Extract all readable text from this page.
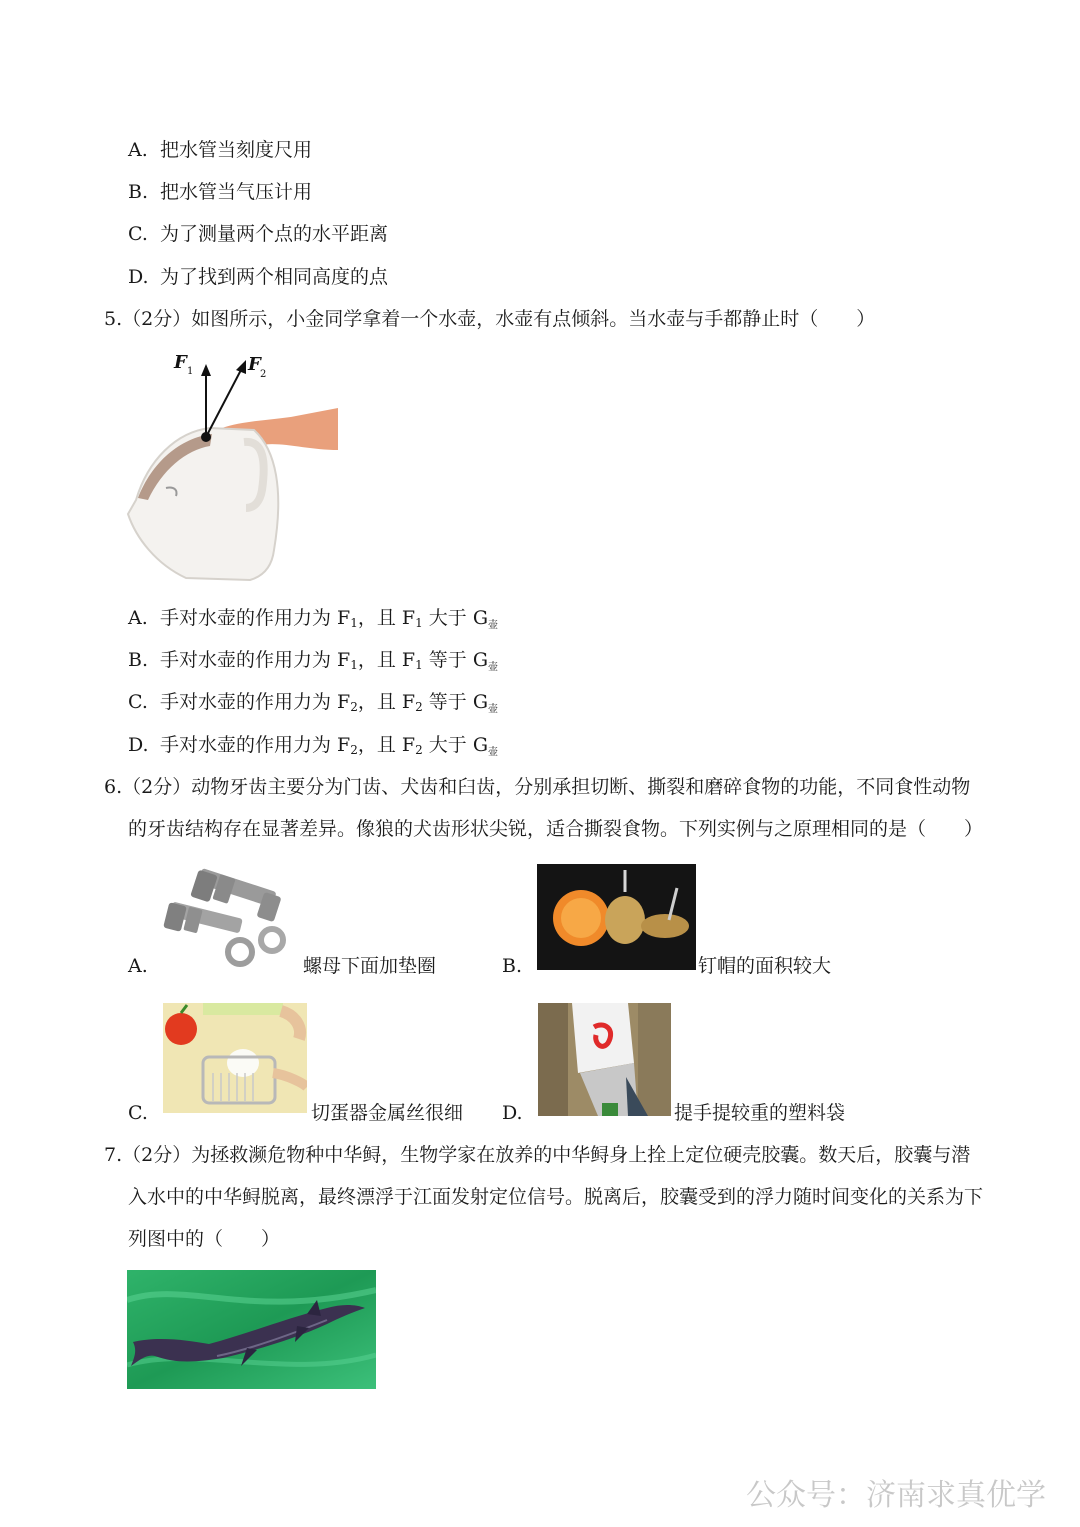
A. 把水管当刻度尺用
B. 把水管当气压计用
C. 为了测量两个点的水平距离
D. 为了找到两个相同高度的点
5.（2分）如图所示，小金同学拿着一个水壶，水壶有点倾斜。当水壶与手都静止时（　　）
F 1	F 2
A. 手对水壶的作用力为 $F_1$，且 $F_1$ 大于 $G_壶$
B. 手对水壶的作用力为 $F_1$，且 $F_1$ 等于 $G_壶$
C. 手对水壶的作用力为 $F_2$，且 $F_2$ 等于 $G_壶$
D. 手对水壶的作用力为 $F_2$，且 $F_2$ 大于 $G_壶$
6.（2分）动物牙齿主要分为门齿、犬齿和臼齿，分别承担切断、撕裂和磨碎食物的功能，不同食性动物
的牙齿结构存在显著差异。像狼的犬齿形状尖锐，适合撕裂食物。下列实例与之原理相同的是（　　）
A.	螺母下面加垫圈	B.	钉帽的面积较大
C.	切蛋器金属丝很细 D.	提手提较重的塑料袋
7.（2分）为拯救濒危物种中华鲟，生物学家在放养的中华鲟身上拴上定位硬壳胶囊。数天后，胶囊与潜
入水中的中华鲟脱离，最终漂浮于江面发射定位信号。脱离后，胶囊受到的浮力随时间变化的关系为下
列图中的（　　）
公众号：济南求真优学
